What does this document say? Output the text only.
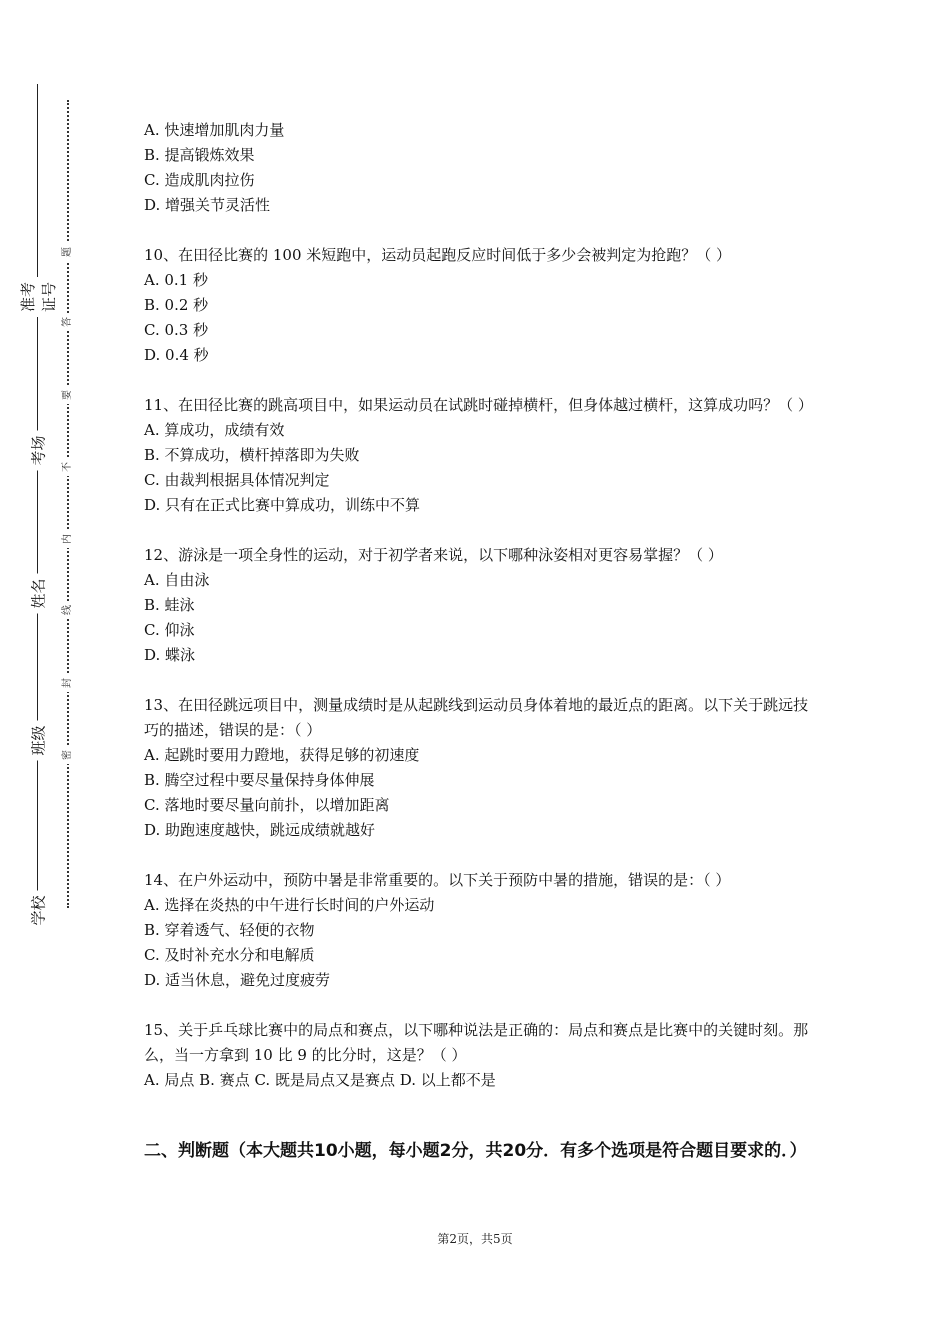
准考证号
考场
姓名
班级
学校
题
答
要
不
内
线
封
密
A. 快速增加肌肉力量
B. 提高锻炼效果
C. 造成肌肉拉伤
D. 增强关节灵活性
10、在田径比赛的 100 米短跑中，运动员起跑反应时间低于多少会被判定为抢跑？（ ）
A. 0.1 秒
B. 0.2 秒
C. 0.3 秒
D. 0.4 秒
11、在田径比赛的跳高项目中，如果运动员在试跳时碰掉横杆，但身体越过横杆，这算成功吗？（ ）
A. 算成功，成绩有效
B. 不算成功，横杆掉落即为失败
C. 由裁判根据具体情况判定
D. 只有在正式比赛中算成功，训练中不算
12、游泳是一项全身性的运动，对于初学者来说，以下哪种泳姿相对更容易掌握？（ ）
A. 自由泳
B. 蛙泳
C. 仰泳
D. 蝶泳
13、在田径跳远项目中，测量成绩时是从起跳线到运动员身体着地的最近点的距离。以下关于跳远技巧的描述，错误的是：（ ）
A. 起跳时要用力蹬地，获得足够的初速度
B. 腾空过程中要尽量保持身体伸展
C. 落地时要尽量向前扑，以增加距离
D. 助跑速度越快，跳远成绩就越好
14、在户外运动中，预防中暑是非常重要的。以下关于预防中暑的措施，错误的是：（ ）
A. 选择在炎热的中午进行长时间的户外运动
B. 穿着透气、轻便的衣物
C. 及时补充水分和电解质
D. 适当休息，避免过度疲劳
15、关于乒乓球比赛中的局点和赛点，以下哪种说法是正确的：局点和赛点是比赛中的关键时刻。那么，当一方拿到 10 比 9 的比分时，这是？（ ）
A. 局点 B. 赛点 C. 既是局点又是赛点 D. 以上都不是
二、判断题（本大题共10小题，每小题2分，共20分．有多个选项是符合题目要求的．）
第2页，共5页
